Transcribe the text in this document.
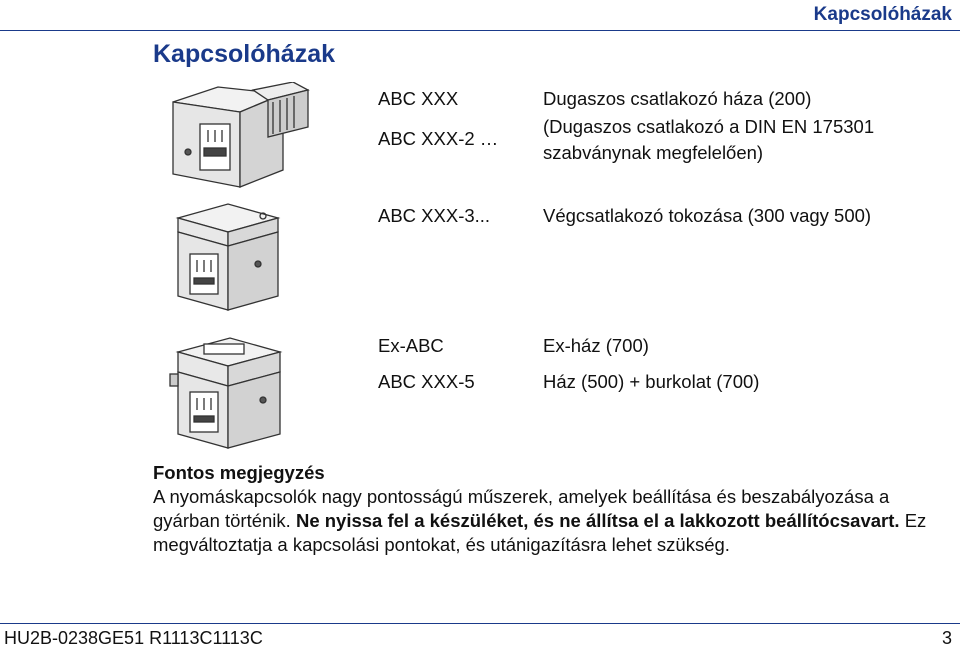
Kapcsolóházak
Kapcsolóházak
ABC XXX
ABC XXX-2 …
Dugaszos csatlakozó háza (200)
(Dugaszos csatlakozó a DIN EN 175301
szabványnak megfelelően)
ABC XXX-3...	Végcsatlakozó tokozása (300 vagy 500)
Ex-ABC
ABC XXX-5
Ex-ház (700)
Ház (500) + burkolat (700)
Fontos megjegyzés
A nyomáskapcsolók nagy pontosságú műszerek, amelyek beállítása és beszabályozása a gyárban történik. Ne nyissa fel a készüléket, és ne állítsa el a lakkozott beállítócsavart. Ez megváltoztatja a kapcsolási pontokat, és utánigazításra lehet szükség.
HU2B-0238GE51 R1113C1113C	3
